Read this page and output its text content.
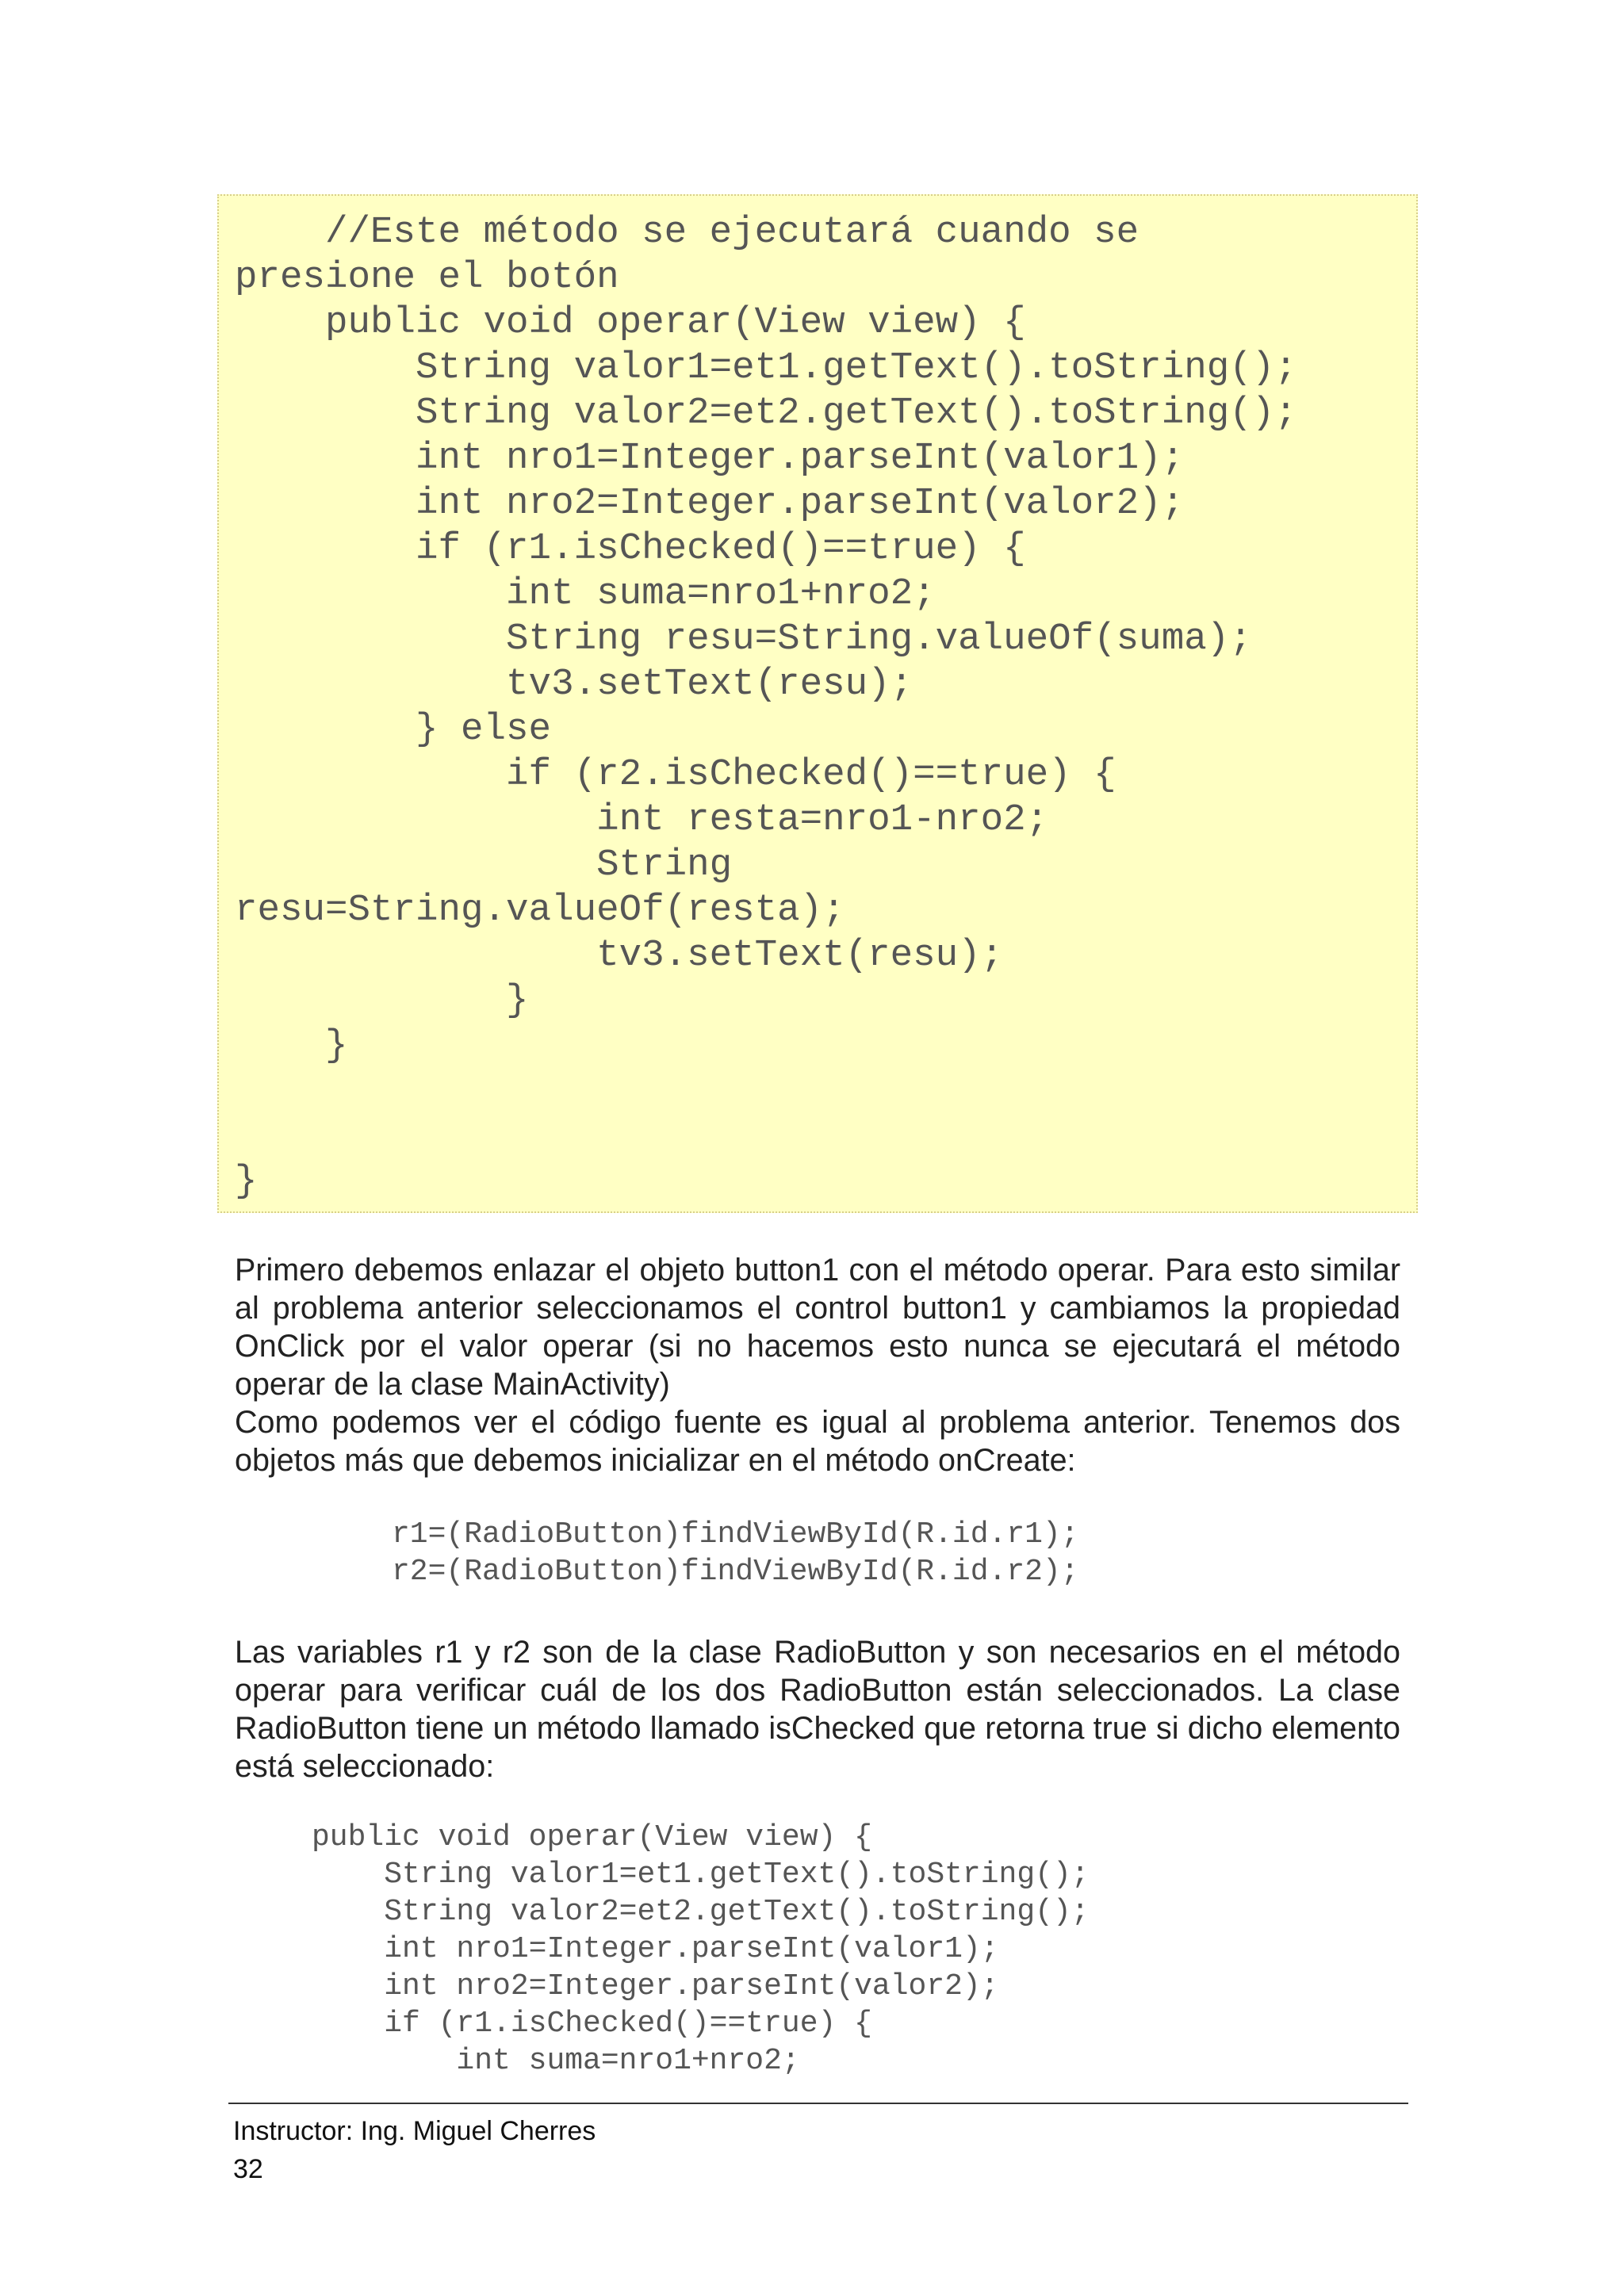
//Este método se ejecutará cuando se
presione el botón
public void operar(View view) {
String valor1=et1.getText().toString();
String valor2=et2.getText().toString();
int nro1=Integer.parseInt(valor1);
int nro2=Integer.parseInt(valor2);
if (r1.isChecked()==true) {
int suma=nro1+nro2;
String resu=String.valueOf(suma);
tv3.setText(resu);
} else
if (r2.isChecked()==true) {
int resta=nro1-nro2;
String
resu=String.valueOf(resta);
tv3.setText(resu);
}
}

}

Primero debemos enlazar el objeto button1 con el método operar. Para esto similar al problema anterior seleccionamos el control button1 y cambiamos la propiedad OnClick por el valor operar (si no hacemos esto nunca se ejecutará el método operar de la clase MainActivity)

Como podemos ver el código fuente es igual al problema anterior. Tenemos dos objetos más que debemos inicializar en el método onCreate:

r1=(RadioButton)findViewById(R.id.r1);
r2=(RadioButton)findViewById(R.id.r2);

Las variables r1 y r2 son de la clase RadioButton y son necesarios en el método operar para verificar cuál de los dos RadioButton están seleccionados. La clase RadioButton tiene un método llamado isChecked que retorna true si dicho elemento está seleccionado:

public void operar(View view) {
String valor1=et1.getText().toString();
String valor2=et2.getText().toString();
int nro1=Integer.parseInt(valor1);
int nro2=Integer.parseInt(valor2);
if (r1.isChecked()==true) {
int suma=nro1+nro2;
Instructor: Ing. Miguel Cherres
32
